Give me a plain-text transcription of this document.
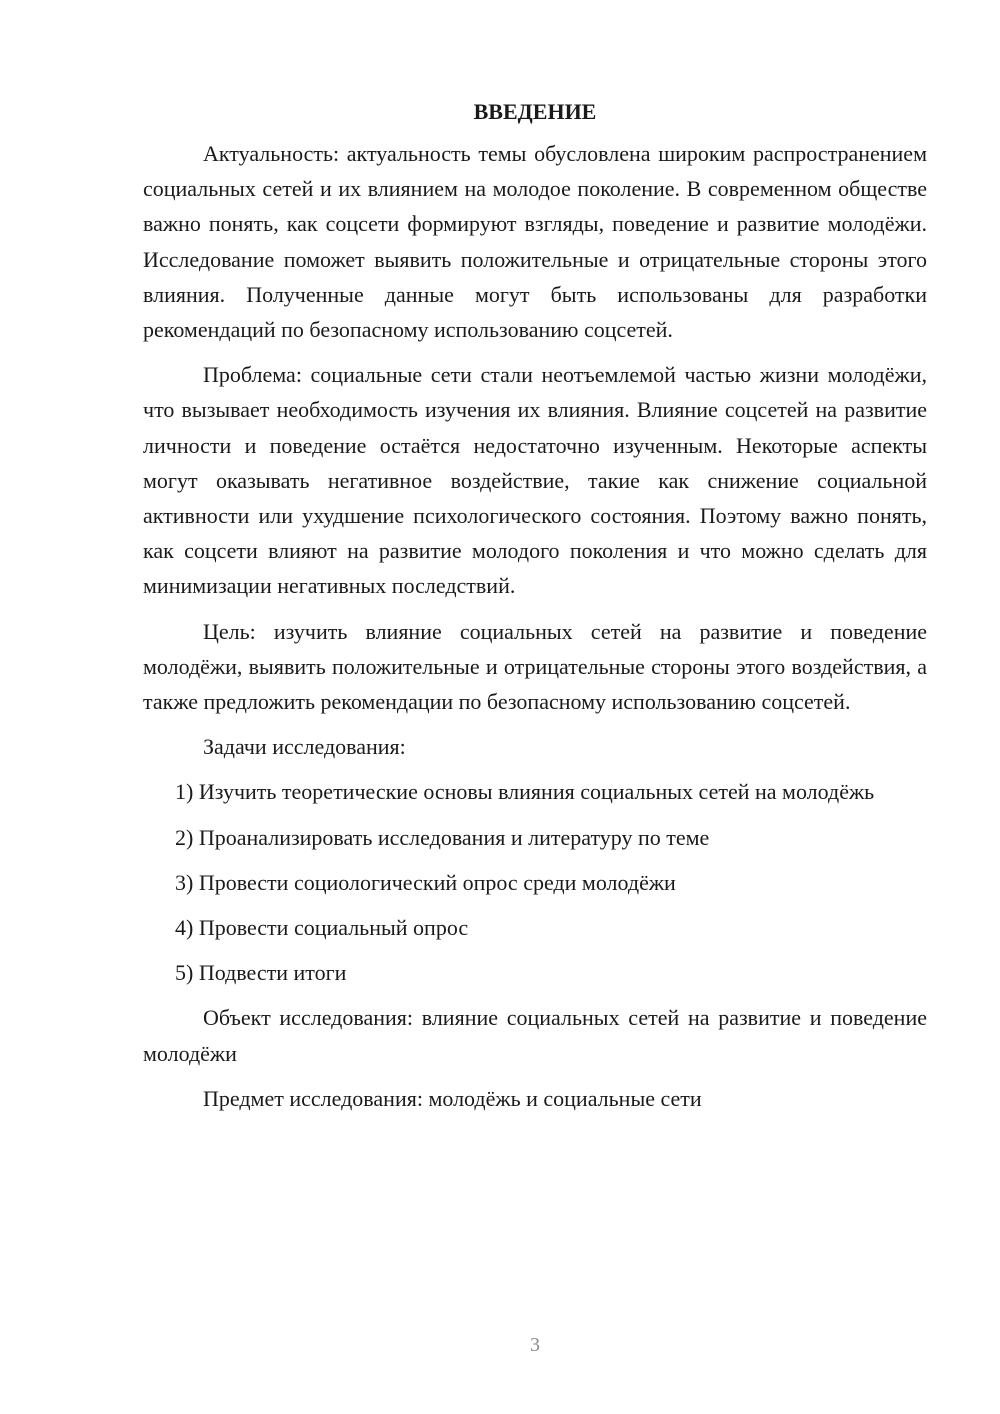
ВВЕДЕНИЕ

Актуальность: актуальность темы обусловлена широким распространением социальных сетей и их влиянием на молодое поколение. В современном обществе важно понять, как соцсети формируют взгляды, поведение и развитие молодёжи. Исследование поможет выявить положительные и отрицательные стороны этого влияния. Полученные данные могут быть использованы для разработки рекомендаций по безопасному использованию соцсетей.

Проблема: социальные сети стали неотъемлемой частью жизни молодёжи, что вызывает необходимость изучения их влияния. Влияние соцсетей на развитие личности и поведение остаётся недостаточно изученным. Некоторые аспекты могут оказывать негативное воздействие, такие как снижение социальной активности или ухудшение психологического состояния. Поэтому важно понять, как соцсети влияют на развитие молодого поколения и что можно сделать для минимизации негативных последствий.

Цель: изучить влияние социальных сетей на развитие и поведение молодёжи, выявить положительные и отрицательные стороны этого воздействия, а также предложить рекомендации по безопасному использованию соцсетей.

Задачи исследования:

1) Изучить теоретические основы влияния социальных сетей на молодёжь

2) Проанализировать исследования и литературу по теме

3) Провести социологический опрос среди молодёжи

4) Провести социальный опрос

5) Подвести итоги

Объект исследования: влияние социальных сетей на развитие и поведение молодёжи

Предмет исследования: молодёжь и социальные сети

3
